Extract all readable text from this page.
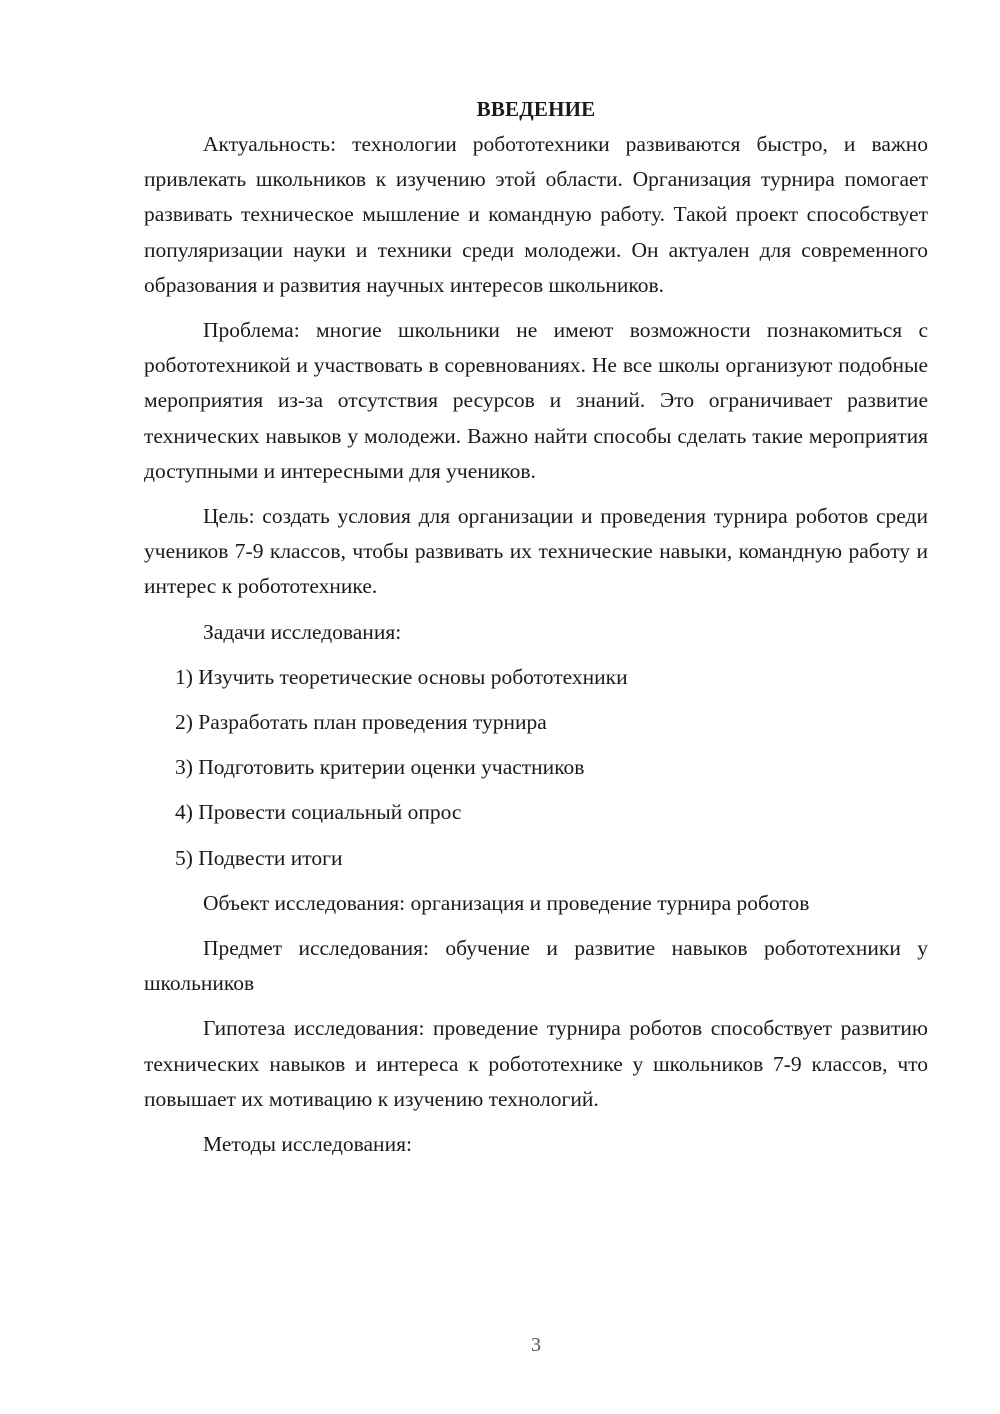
ВВЕДЕНИЕ

Актуальность: технологии робототехники развиваются быстро, и важно привлекать школьников к изучению этой области. Организация турнира помогает развивать техническое мышление и командную работу. Такой проект способствует популяризации науки и техники среди молодежи. Он актуален для современного образования и развития научных интересов школьников.

Проблема: многие школьники не имеют возможности познакомиться с робототехникой и участвовать в соревнованиях. Не все школы организуют подобные мероприятия из-за отсутствия ресурсов и знаний. Это ограничивает развитие технических навыков у молодежи. Важно найти способы сделать такие мероприятия доступными и интересными для учеников.

Цель: создать условия для организации и проведения турнира роботов среди учеников 7-9 классов, чтобы развивать их технические навыки, командную работу и интерес к робототехнике.

Задачи исследования:

1) Изучить теоретические основы робототехники
2) Разработать план проведения турнира
3) Подготовить критерии оценки участников
4) Провести социальный опрос
5) Подвести итоги

Объект исследования: организация и проведение турнира роботов

Предмет исследования: обучение и развитие навыков робототехники у школьников

Гипотеза исследования: проведение турнира роботов способствует развитию технических навыков и интереса к робототехнике у школьников 7-9 классов, что повышает их мотивацию к изучению технологий.

Методы исследования:

3
